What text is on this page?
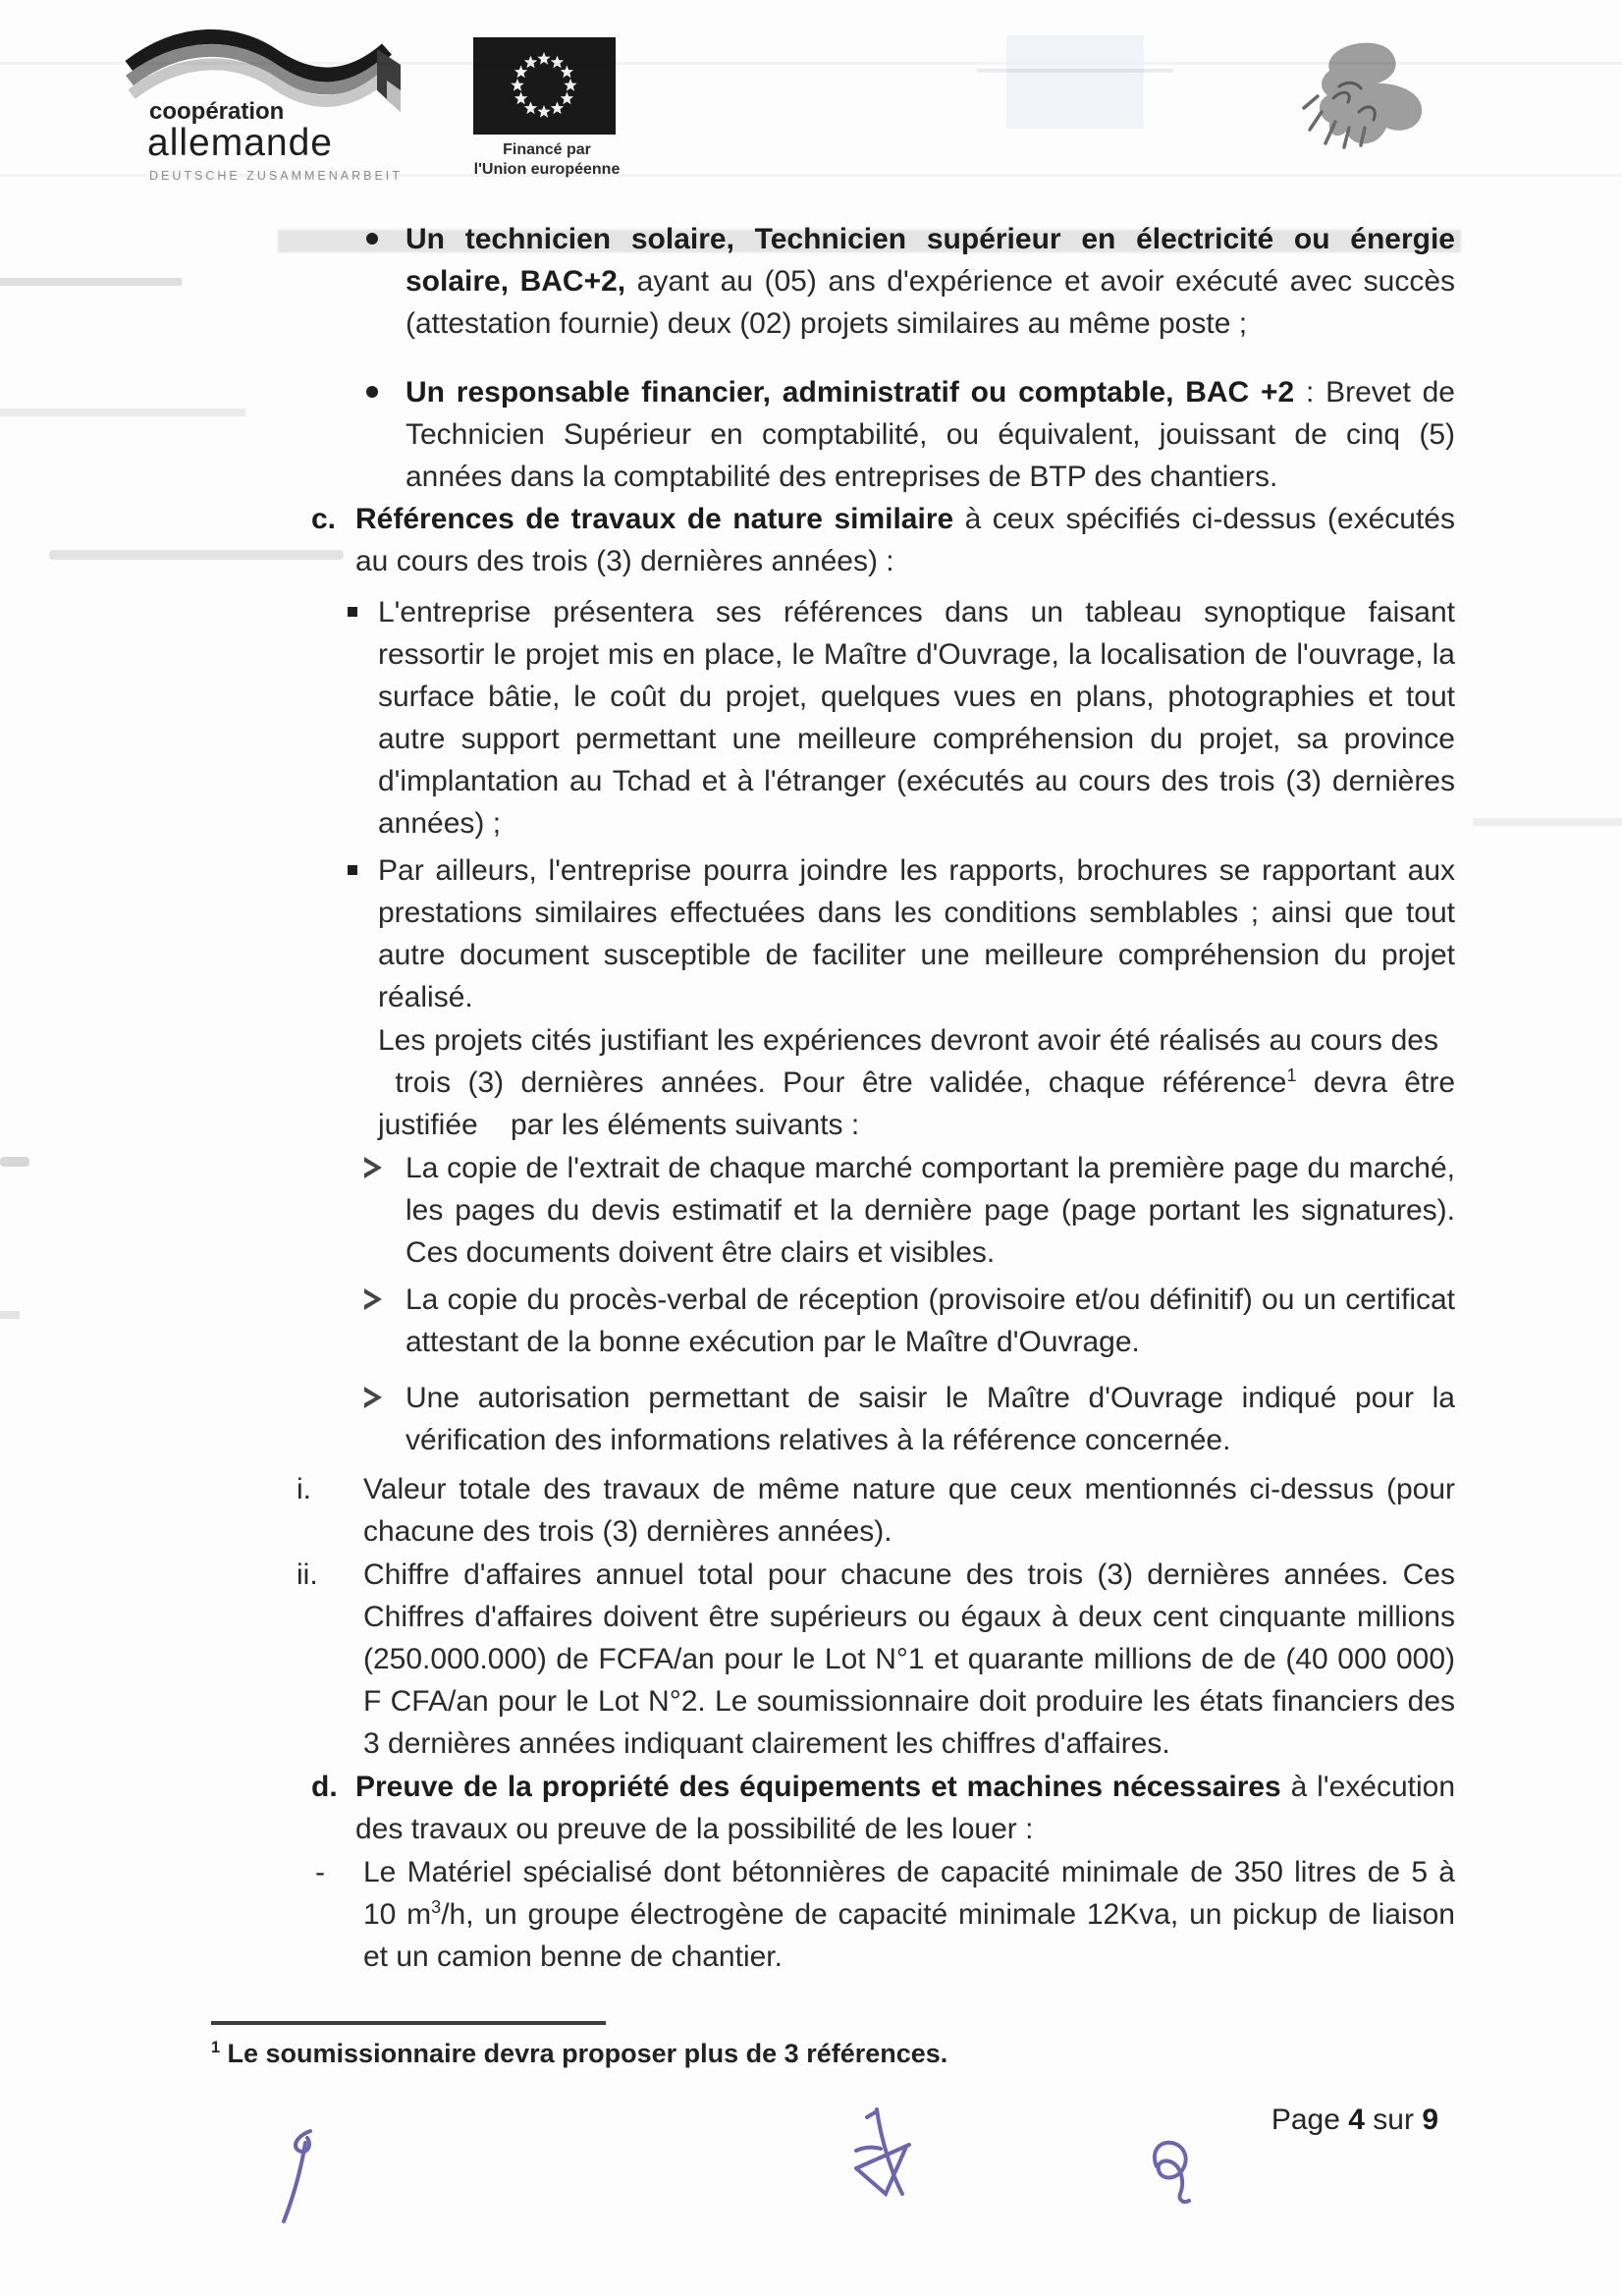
coopération
allemande
DEUTSCHE ZUSAMMENARBEIT
Financé par
l'Union européenne
Un technicien solaire, Technicien supérieur en électricité ou énergie solaire, BAC+2, ayant au (05) ans d'expérience et avoir exécuté avec succès (attestation fournie) deux (02) projets similaires au même poste ;
Un responsable financier, administratif ou comptable, BAC +2 : Brevet de Technicien Supérieur en comptabilité, ou équivalent, jouissant de cinq (5) années dans la comptabilité des entreprises de BTP des chantiers.
c. Références de travaux de nature similaire à ceux spécifiés ci-dessus (exécutés au cours des trois (3) dernières années) :
L'entreprise présentera ses références dans un tableau synoptique faisant ressortir le projet mis en place, le Maître d'Ouvrage, la localisation de l'ouvrage, la surface bâtie, le coût du projet, quelques vues en plans, photographies et tout autre support permettant une meilleure compréhension du projet, sa province d'implantation au Tchad et à l'étranger (exécutés au cours des trois (3) dernières années) ;
Par ailleurs, l'entreprise pourra joindre les rapports, brochures se rapportant aux prestations similaires effectuées dans les conditions semblables ; ainsi que tout autre document susceptible de faciliter une meilleure compréhension du projet réalisé.
Les projets cités justifiant les expériences devront avoir été réalisés au cours des    trois (3) dernières années. Pour être validée, chaque référence$^1$ devra être justifiée    par les éléments suivants :
La copie de l'extrait de chaque marché comportant la première page du marché, les pages du devis estimatif et la dernière page (page portant les signatures). Ces documents doivent être clairs et visibles.
La copie du procès-verbal de réception (provisoire et/ou définitif) ou un certificat attestant de la bonne exécution par le Maître d'Ouvrage.
Une autorisation permettant de saisir le Maître d'Ouvrage indiqué pour la vérification des informations relatives à la référence concernée.
i. Valeur totale des travaux de même nature que ceux mentionnés ci-dessus (pour chacune des trois (3) dernières années).
ii. Chiffre d'affaires annuel total pour chacune des trois (3) dernières années. Ces Chiffres d'affaires doivent être supérieurs ou égaux à deux cent cinquante millions (250.000.000) de FCFA/an pour le Lot N°1 et quarante millions de de (40 000 000) F CFA/an pour le Lot N°2. Le soumissionnaire doit produire les états financiers des 3 dernières années indiquant clairement les chiffres d'affaires.
d. Preuve de la propriété des équipements et machines nécessaires à l'exécution des travaux ou preuve de la possibilité de les louer :
- Le Matériel spécialisé dont bétonnières de capacité minimale de 350 litres de 5 à 10 $m^3/h$, un groupe électrogène de capacité minimale 12Kva, un pickup de liaison et un camion benne de chantier.
$^1$ Le soumissionnaire devra proposer plus de 3 références.
Page 4 sur 9
